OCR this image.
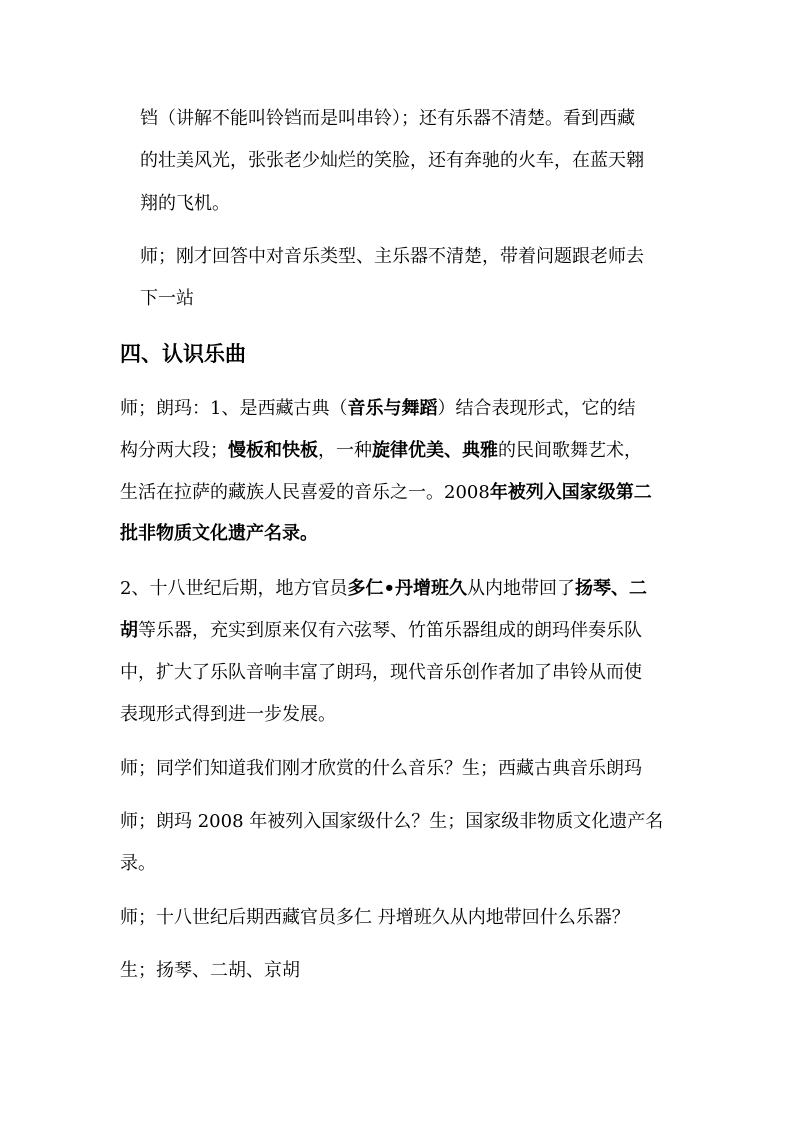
铛（讲解不能叫铃铛而是叫串铃）；还有乐器不清楚。看到西藏
的壮美风光，张张老少灿烂的笑脸，还有奔驰的火车，在蓝天翱
翔的飞机。
师；刚才回答中对音乐类型、主乐器不清楚，带着问题跟老师去
下一站
四、认识乐曲
师；朗玛：1、是西藏古典（音乐与舞蹈）结合表现形式，它的结
构分两大段；慢板和快板，一种旋律优美、典雅的民间歌舞艺术，
生活在拉萨的藏族人民喜爱的音乐之一。2008年被列入国家级第二
批非物质文化遗产名录。
2、十八世纪后期，地方官员多仁•丹增班久从内地带回了扬琴、二
胡等乐器，充实到原来仅有六弦琴、竹笛乐器组成的朗玛伴奏乐队
中，扩大了乐队音响丰富了朗玛，现代音乐创作者加了串铃从而使
表现形式得到进一步发展。
师；同学们知道我们刚才欣赏的什么音乐？生；西藏古典音乐朗玛
师；朗玛 2008 年被列入国家级什么？生；国家级非物质文化遗产名
录。
师；十八世纪后期西藏官员多仁 丹增班久从内地带回什么乐器？
生；扬琴、二胡、京胡
